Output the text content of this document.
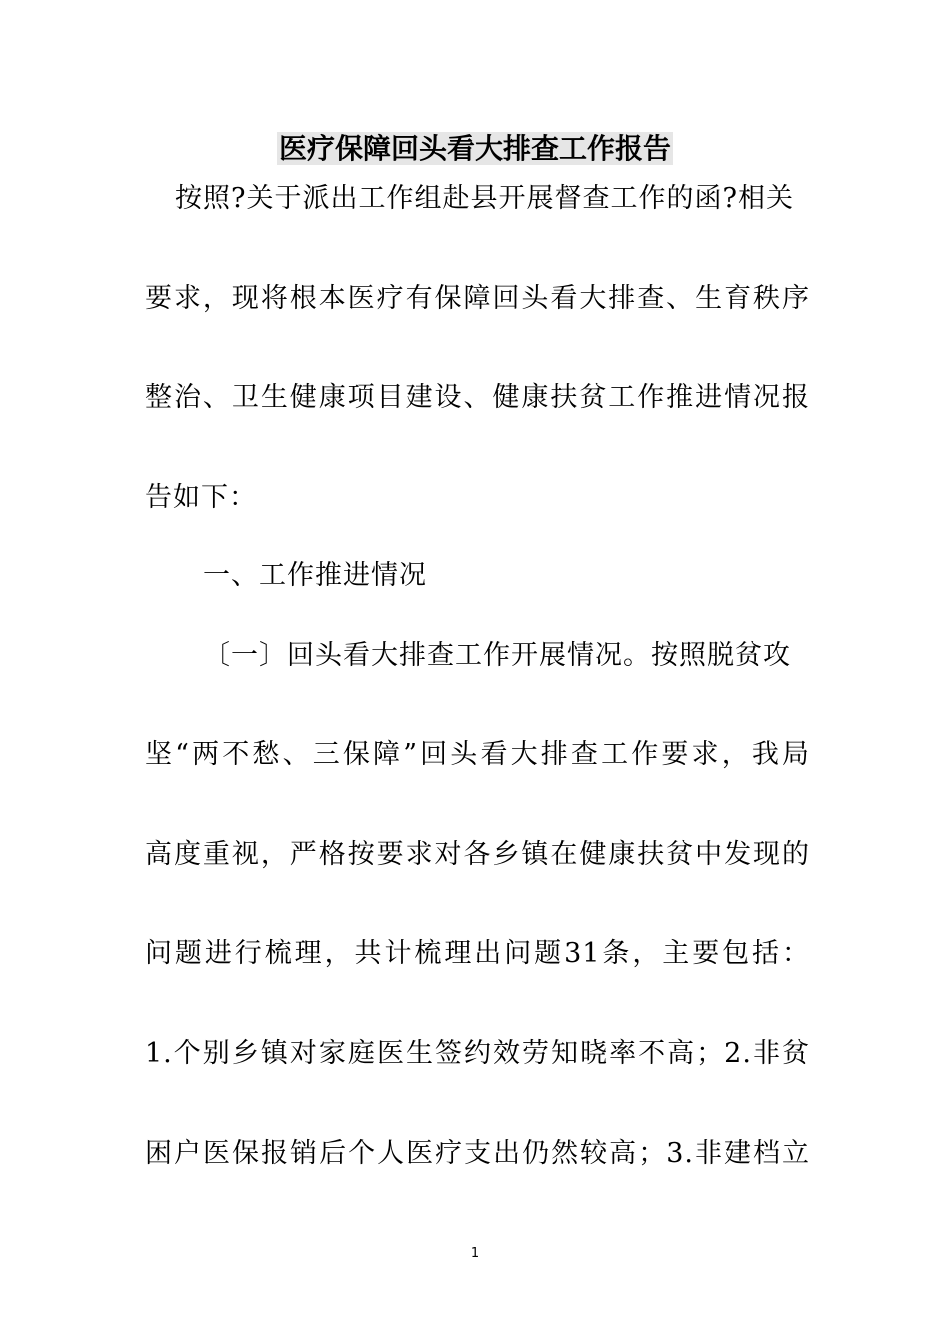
医疗保障回头看大排查工作报告
按照?关于派出工作组赴县开展督查工作的函?相关
要求，现将根本医疗有保障回头看大排查、生育秩序
整治、卫生健康项目建设、健康扶贫工作推进情况报
告如下：
一、工作推进情况
〔一〕回头看大排查工作开展情况。按照脱贫攻
坚“两不愁、三保障”回头看大排查工作要求，我局
高度重视，严格按要求对各乡镇在健康扶贫中发现的
问题进行梳理，共计梳理出问题31条，主要包括：
1.个别乡镇对家庭医生签约效劳知晓率不高；2.非贫
困户医保报销后个人医疗支出仍然较高；3.非建档立
1
